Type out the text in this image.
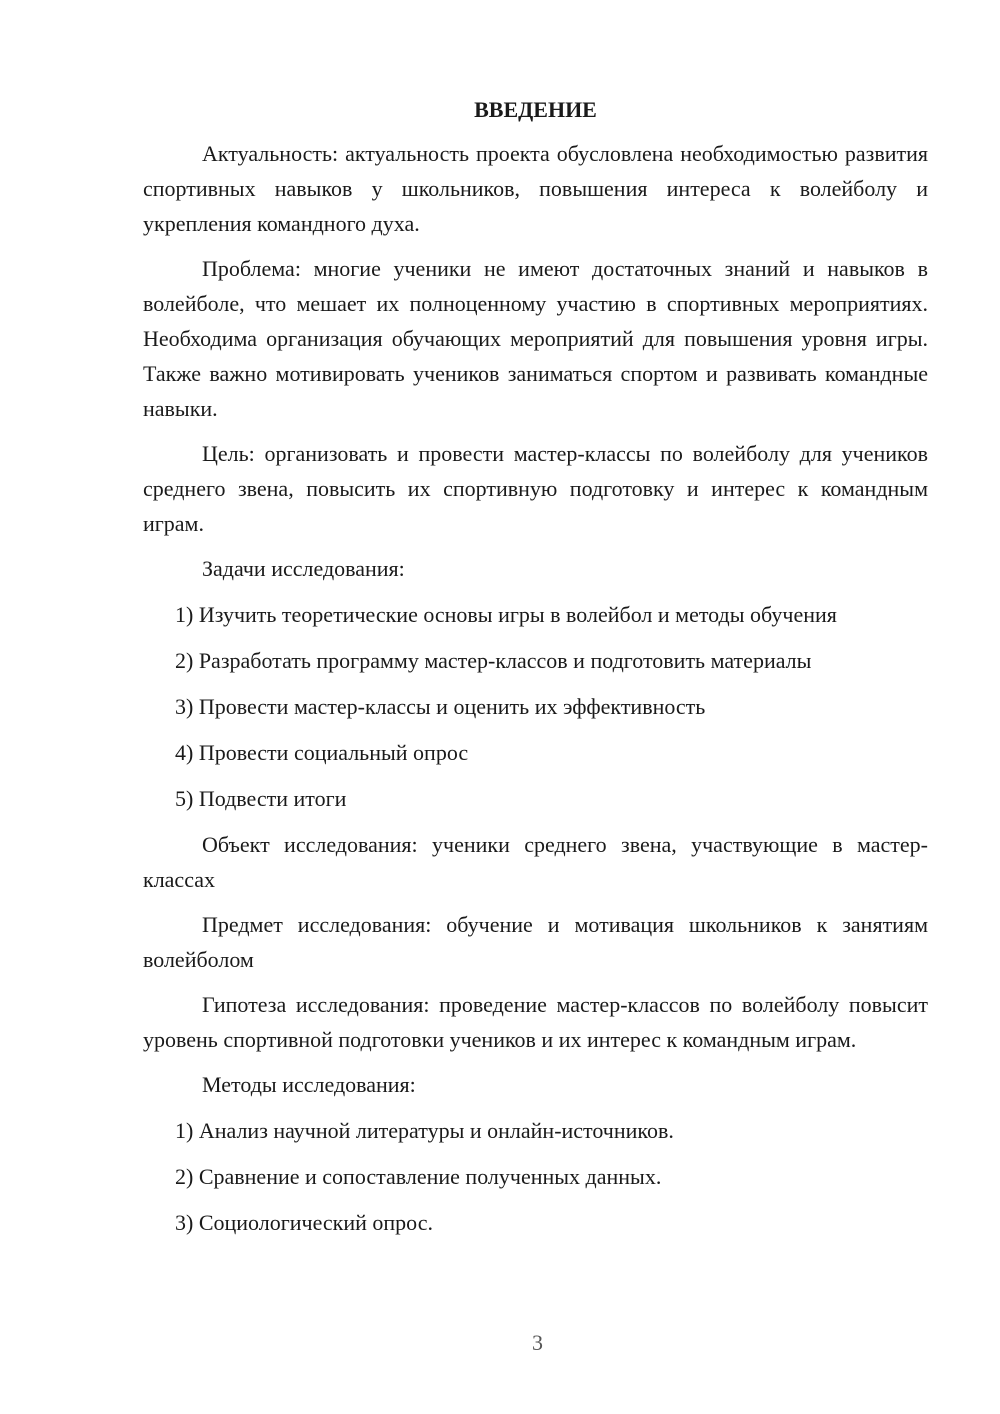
ВВЕДЕНИЕ

Актуальность: актуальность проекта обусловлена необходимостью развития спортивных навыков у школьников, повышения интереса к волейболу и укрепления командного духа.

Проблема: многие ученики не имеют достаточных знаний и навыков в волейболе, что мешает их полноценному участию в спортивных мероприятиях. Необходима организация обучающих мероприятий для повышения уровня игры. Также важно мотивировать учеников заниматься спортом и развивать командные навыки.

Цель: организовать и провести мастер-классы по волейболу для учеников среднего звена, повысить их спортивную подготовку и интерес к командным играм.

Задачи исследования:
1) Изучить теоретические основы игры в волейбол и методы обучения
2) Разработать программу мастер-классов и подготовить материалы
3) Провести мастер-классы и оценить их эффективность
4) Провести социальный опрос
5) Подвести итоги

Объект исследования: ученики среднего звена, участвующие в мастер-классах

Предмет исследования: обучение и мотивация школьников к занятиям волейболом

Гипотеза исследования: проведение мастер-классов по волейболу повысит уровень спортивной подготовки учеников и их интерес к командным играм.

Методы исследования:
1) Анализ научной литературы и онлайн-источников.
2) Сравнение и сопоставление полученных данных.
3) Социологический опрос.
3
